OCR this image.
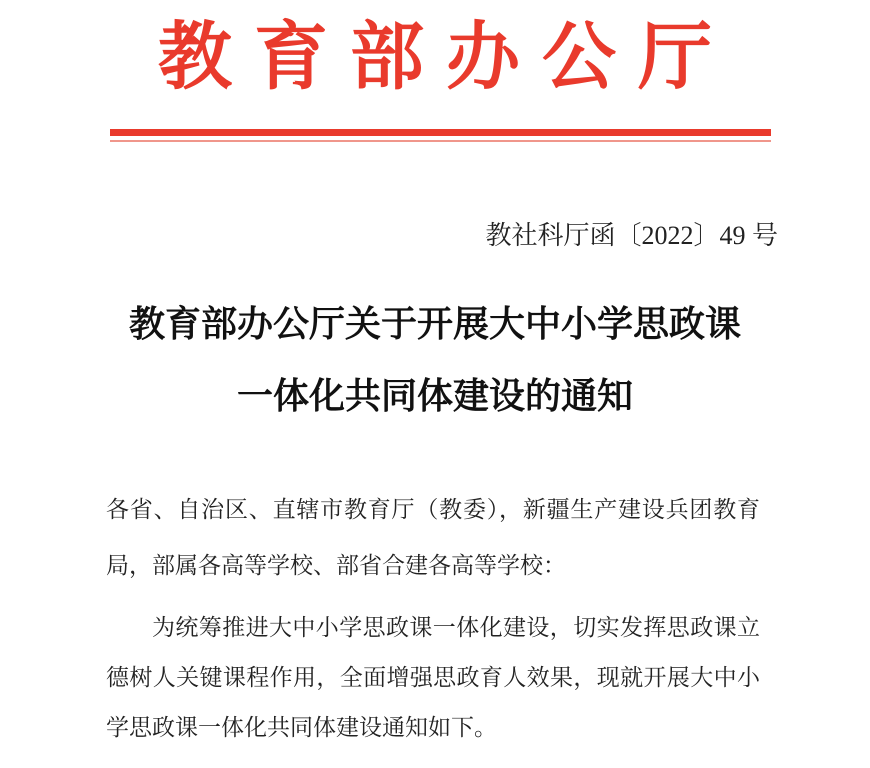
教育部办公厅
教社科厅函〔2022〕49 号
教育部办公厅关于开展大中小学思政课
一体化共同体建设的通知
各省、自治区、直辖市教育厅（教委），新疆生产建设兵团教育
局，部属各高等学校、部省合建各高等学校：
为统筹推进大中小学思政课一体化建设，切实发挥思政课立
德树人关键课程作用，全面增强思政育人效果，现就开展大中小
学思政课一体化共同体建设通知如下。
